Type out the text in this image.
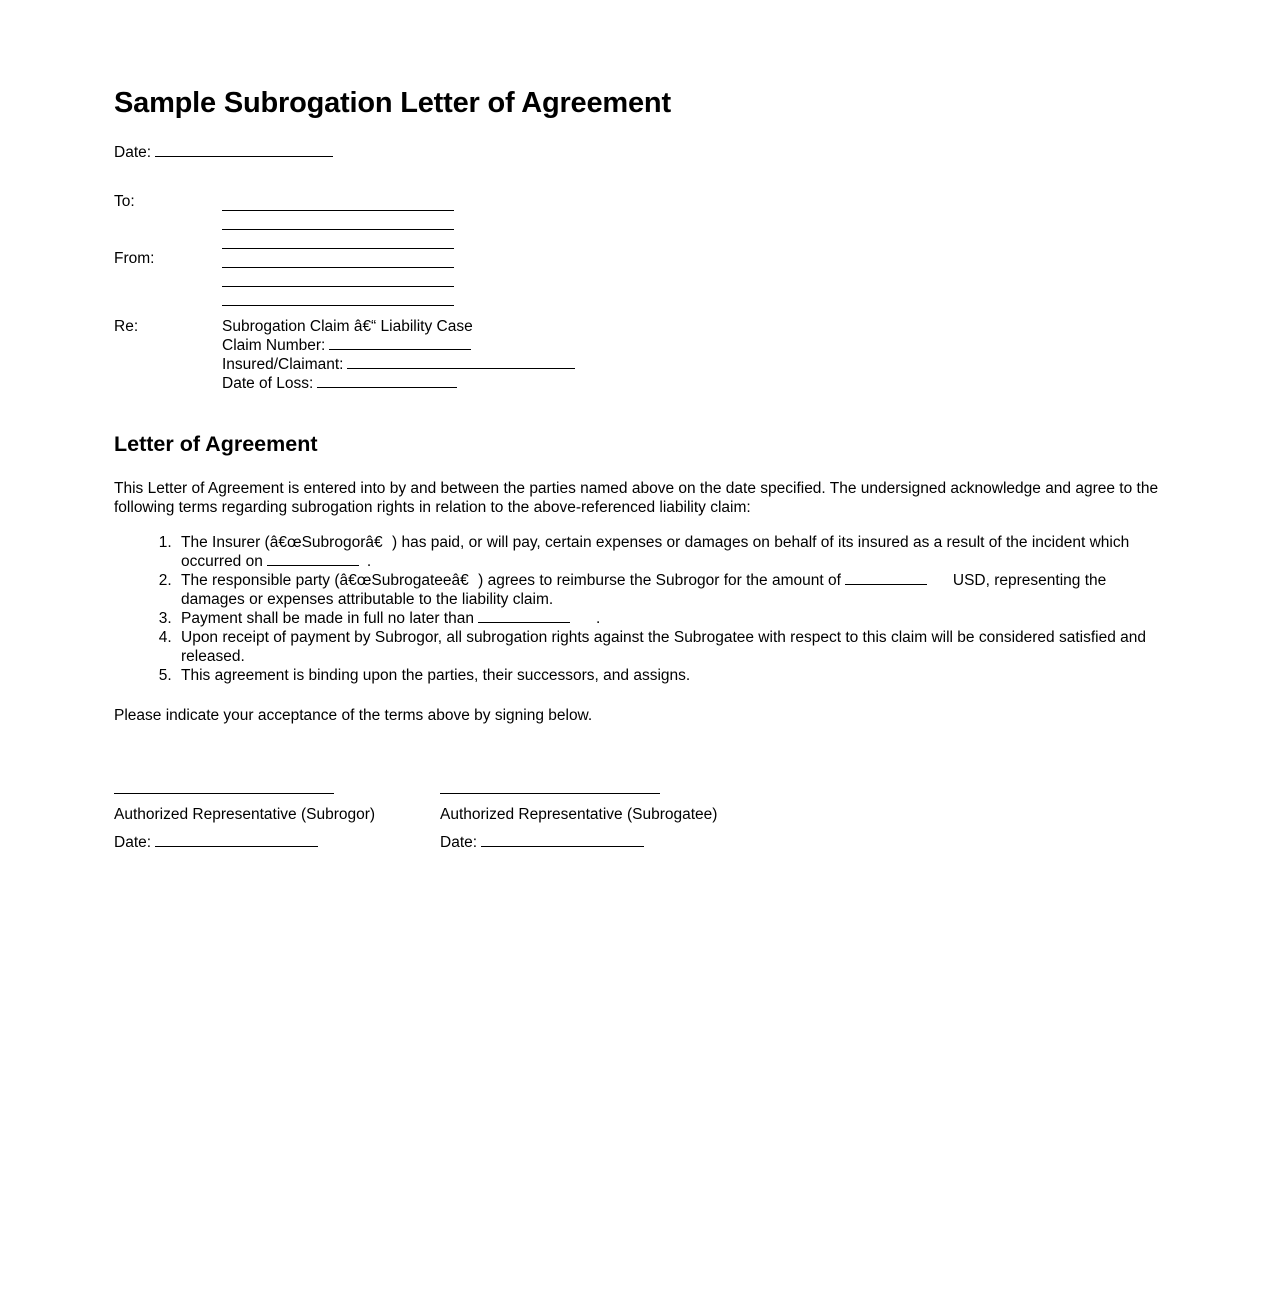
Sample Subrogation Letter of Agreement
Date:
To:
From:
Re:	Subrogation Claim â€“ Liability Case
Claim Number:
Insured/Claimant:
Date of Loss:
Letter of Agreement

This Letter of Agreement is entered into by and between the parties named above on the date specified. The undersigned acknowledge and agree to the following terms regarding subrogation rights in relation to the above-referenced liability claim:

1. The Insurer (â€œSubrogorâ€) has paid, or will pay, certain expenses or damages on behalf of its insured as a result of the incident which occurred on	.
2. The responsible party (â€œSubrogateeâ€) agrees to reimburse the Subrogor for the amount of	USD, representing the damages or expenses attributable to the liability claim.
3. Payment shall be made in full no later than	.
4. Upon receipt of payment by Subrogor, all subrogation rights against the Subrogatee with respect to this claim will be considered satisfied and released.
5. This agreement is binding upon the parties, their successors, and assigns.

Please indicate your acceptance of the terms above by signing below.

Authorized Representative (Subrogor)
Date:
Authorized Representative (Subrogatee)
Date:
